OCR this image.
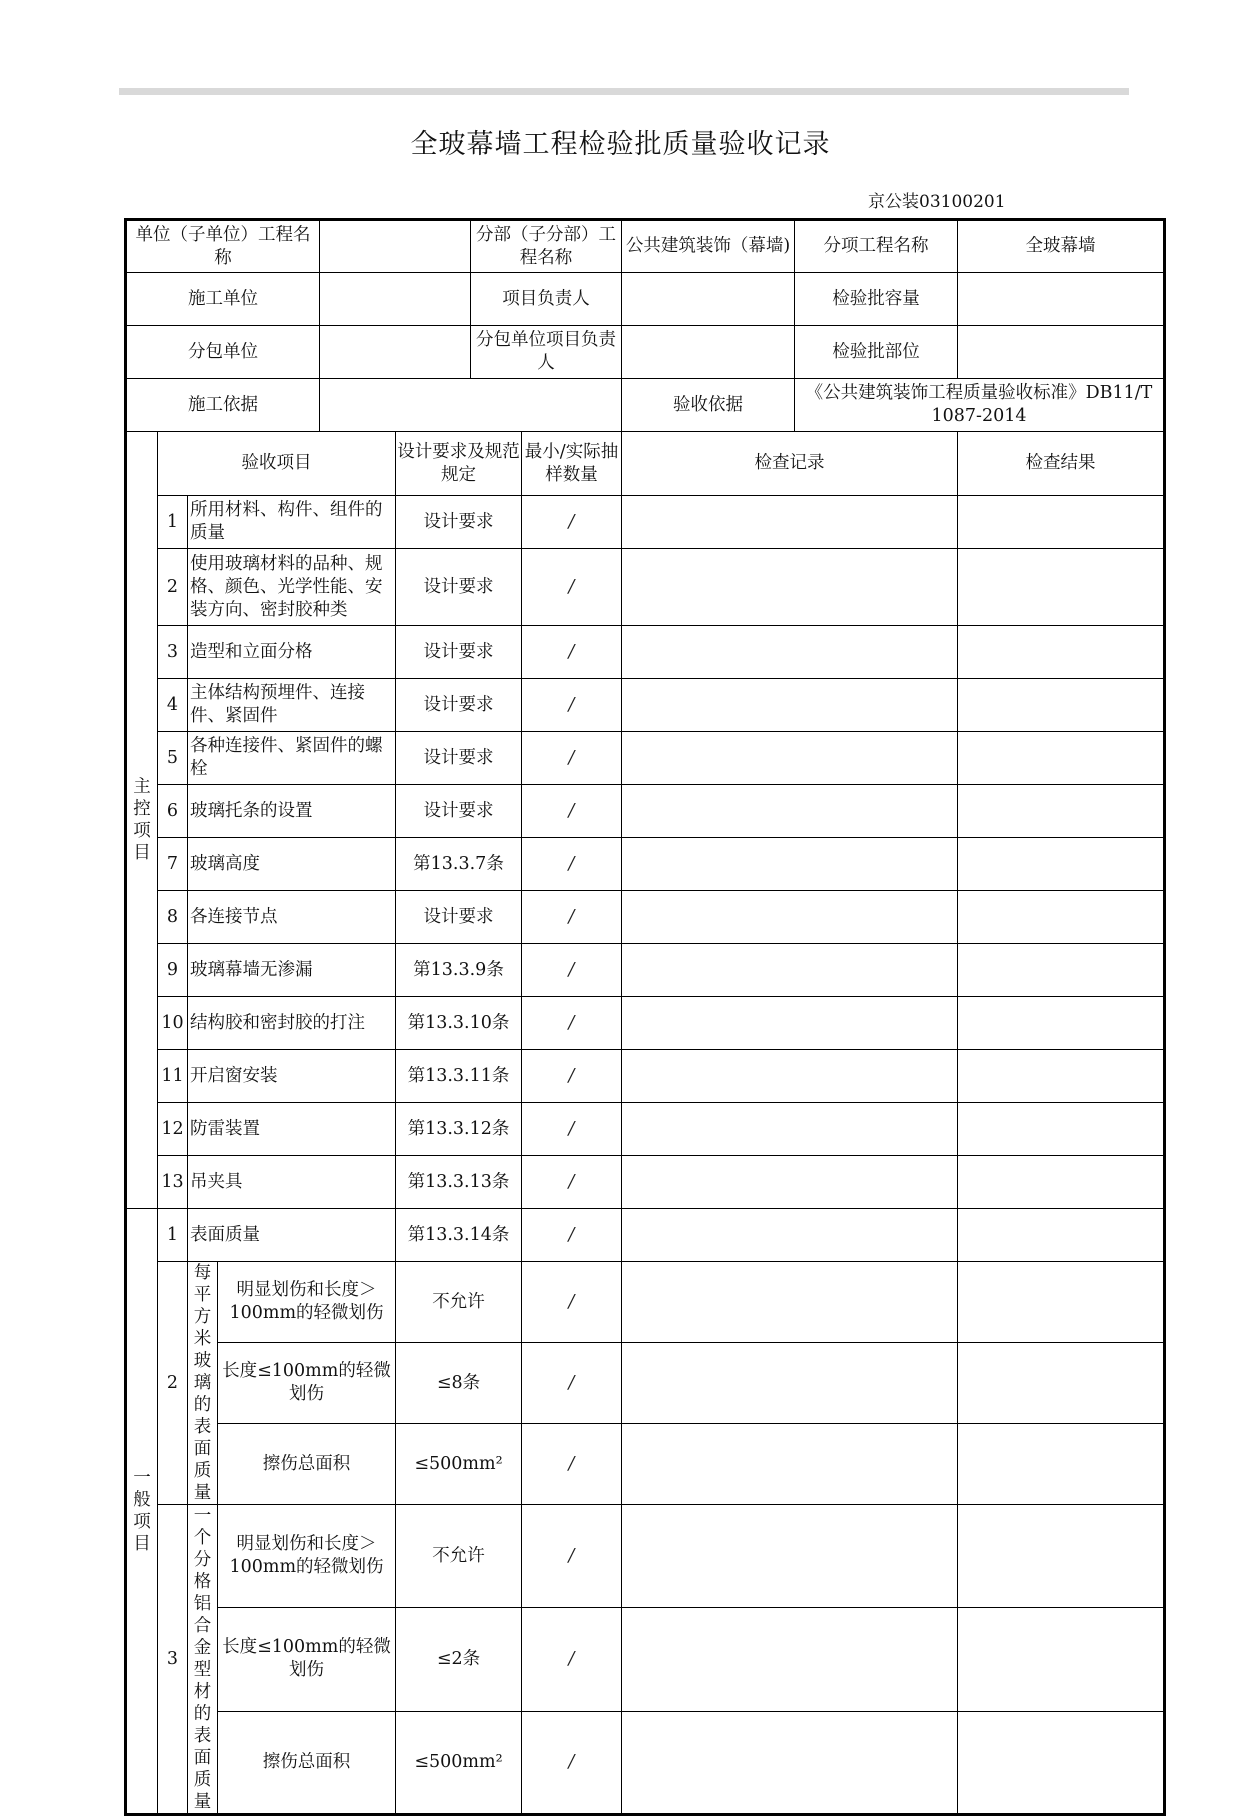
全玻幕墙工程检验批质量验收记录
京公装03100201
单位（子单位）工程名称						分部（子分部）工程名称		公共建筑装饰（幕墙)	分项工程名称	全玻幕墙
施工单位						项目负责人			检验批容量	
分包单位						分包单位项目负责人			检验批部位	
施工依据								验收依据	《公共建筑装饰工程质量验收标准》DB11/T 1087-2014	
主控项目	验收项目				设计要求及规范规定		最小/实际抽样数量	检查记录		检查结果
	1	所用材料、构件、组件的质量			设计要求		/			
	2	使用玻璃材料的品种、规格、颜色、光学性能、安装方向、密封胶种类			设计要求		/			
	3	造型和立面分格			设计要求		/			
	4	主体结构预埋件、连接件、紧固件			设计要求		/			
	5	各种连接件、紧固件的螺栓			设计要求		/			
	6	玻璃托条的设置			设计要求		/			
	7	玻璃高度			第13.3.7条		/			
	8	各连接节点			设计要求		/			
	9	玻璃幕墙无渗漏			第13.3.9条		/			
	10	结构胶和密封胶的打注			第13.3.10条		/			
	11	开启窗安装			第13.3.11条		/			
	12	防雷装置			第13.3.12条		/			
	13	吊夹具			第13.3.13条		/			
一般项目	1	表面质量			第13.3.14条		/			
	2	每平方米玻璃的表面质量	明显划伤和长度＞100mm的轻微划伤		不允许		/			
			长度≤100mm的轻微划伤		≤8条		/			
			擦伤总面积		≤500mm²		/			
	3	一个分格铝合金型材的表面质量	明显划伤和长度＞100mm的轻微划伤		不允许		/			
			长度≤100mm的轻微划伤		≤2条		/			
			擦伤总面积		≤500mm²		/			
